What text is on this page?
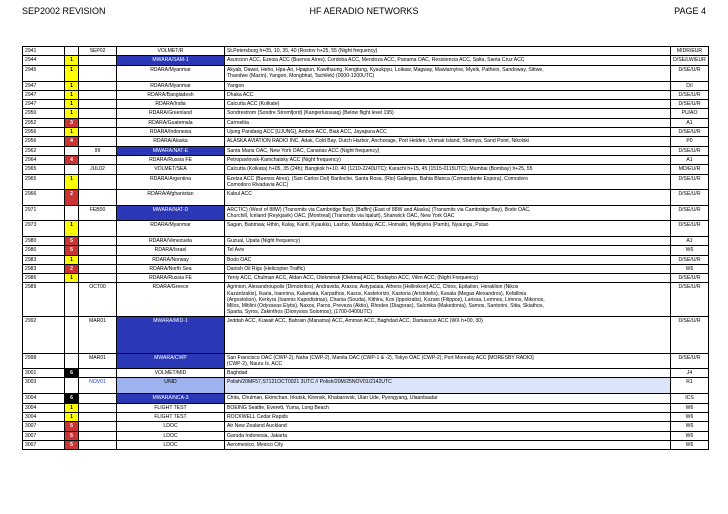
SEP2002 REVISION	HF AERADIO NETWORKS	PAGE 4
2941		SEP02	VOLMET/R	St.Petersburg h+05, 10, 35, 40 (Rostov h+25, 55 (Night frequency)	MIDR/EUR
2944	1		MWARA/SAM-1	Asuncion ACC, Ezeiza ACC (Buenos Aires), Cordoba ACC, Mendoza ACC, Panama OAC, Resistencia ACC, Salta, Santa Cruz ACC	D/SE/LW/EUR
2945	1		RDARA/Myanmar	Akyab, Dawei, Heho, Hpa-An, Hpapun, Kawthaung, Kengtung, Kyaukpyu, Loikaw, Magway, Mawlamyine, Myeik, Pathein, Sandoway, Sittwe,
Thandwe (Mazin), Yangon, Mongbhat, Tachilek) (0000-1200UTC)	D/SE/U/R
2947	1		RDARA/Myanmar	Yangon	D/I
2947	1		RDARA/Bangladesh	Dhaka ACC	D/SE/U/R
2947	1		RDARA/India	Calcutta ACC (Kolkate)	D/SE/U/R
2950	1		RDARA/Greenland	Sondrestrom (Sondre Stromfjord) (Kangerlussuaq) (Below flight level 195)	PU/AO
2952	3		RDARA/Guatemala	Carmelita	A1
2956	1		RDARA/Indonesia	Ujung Pandang ACC [UJUNG], Ambon ACC, Biak ACC, Jayapura ACC	D/SE/U/R
2956	4		RDARA/Alaska	ALASKA AVIATION RADIO INC. Adak, Cold Bay, Dutch Harbor, Anchorage, Port Heiden, Unmak Island, Shemya, Sand Point, Nikolski	P0
2962		99	MWARA/NAT-E	Santa Maria OAC, New York OAC, Canarias ACC (Night frequency)	D/SE/U/R
2964	4		RDARA/Russia FE	Petropavlovsk-Kamchatsky ACC (Night frequency)	A1
2965		JUL02	VOLMET/SEA	Calcutta (Kolkata) h+05, 35 (24h); Bangkok h+10, 40 (1210-2240UTC); Karachi h+15, 45 (1515-0115UTC); Mumbai (Bombay) h+25, 55	MD/EU/R
2965	1		RDARA/Argentina	Ezeiza ACC (Buenos Aires), (San Carlos Del) Bariloche, Santa Rosa, (Rio) Gallegos, Bahia Blanca (Comandante Espora), Comodoro
Comodoro Rivadavia ACC)	D/SE/U/R
2966	2		RDARA/Afghanistan	Kabul ACC	D/SE/U/R
2971		FEB00	MWARA/NAT-D	ARCTIC) (West of 88W) (Transmits via Cambridge Bay), [Baffin] (East of 88W and Alaska) (Transmits via Cambridge Bay), Bodo OAC,
Churchill, Iceland (Reykjavik) OAC, [Montreal] (Transmits via Iqaluit), Shanwick OAC, New York OAC	D/SE/U/R
2973	1		RDARA/Myanmar	Sagan, Banmaw, Hthin, Kalay, Kanti, Kyaukku, Lashio, Mandalay ACC, Homalin, Myitkyina (Pamb), Nyaungu, Putao	D/SE/U/R
2980	5		RDARA/Venezuela	Guzual, Upata (Night frequency)	A1
2980	5		RDARA/Israel	Tel Aviv	W6
2983	1		RDARA/Norway	Bodo OAC	D/SE/U/R
2983	2		RDARA/North Sea	Danish Oil Rigs (Helicopter Traffic)	W6
2986	1		RDARA/Russia FE	Yeniy ACC, Chulman ACC, Aldan ACC, Olekminsk [Olekma] ACC, Bodaybo ACC, Vilim ACC; (Night Frequency)	D/SE/U/R
2989		OCT00	RDARA/Greece	Agrinion, Alexandroupolis (Dimokritos), Andravida, Araxos, Astypalaia, Athens [Hellinikon] ACC, Chios, Epitalion, Heraklion (Nikos
Kazantzakis), Ikaria, Ioannina, Kalamata, Karpathos, Kasos, Kastelorizo, Kastoria (Aristotelis), Kavala (Megas Alexandros), Kefallinia
(Argostolion), Kerkyra (Ioannis Kapodistrias), Chania (Souda), Kithira, Kos (Ippokratis), Kozani (Filippos), Larissa, Lemnos, Limnos, Mikonos,
Milos, Mitilini (Odysseas Elytis), Naxos, Paros, Preveza (Aktio), Rhodes (Diagoras), Salonika (Makedonia), Samos, Santorini, Sitia, Skiathos,
Sparta, Syros, Zakinthos (Dionysios Solomos); (1700-0400UTC)	D/SE/U/R
2992		MAR01	MWARA/MID-1	Jeddah ACC, Kuwait ACC, Bahrain (Manama) ACC, Amman ACC, Baghdad ACC, Damascus ACC (WX h+00, 30)	D/SE/U/R
2998		MAR01	MWARA/CWP	San Francisco OAC (CWP-2), Naha (CWP-2), Manila OAC (CWP-1 & -2), Tokyo OAC (CWP-2), Port Moresby ACC [MORESBY RADIO]
(CWP-2), Nauru Is. ACC	D/SE/U/R
3001	6		VOLMET/MID	Baghdad	J4
3003		NOV01	UNID	Polish/20MF57,S7121OCT0021 3UTC // Polish/20M/25NOV01/2142UTC	R1
3004	6		MWARA/NCA-3	Chita, Chulman, Ekimchan, Irkutsk, Kirensk, Khabarovsk, Ulan Ude, Pyongyang, Ulaanbaatar	ICS
3004	1		FLIGHT TEST	BOEING Seattle, Everett, Yuma, Long Beach	W6
3004	1		FLIGHT TEST	ROCKWELL Cedar Rapids	W6
3007	5		LDOC	Air New Zealand Auckland	W6
3007	5		LDOC	Garuda Indonesia, Jakarta	W6
3007	5		LDOC	Aeromexico, Mexico City	W6
